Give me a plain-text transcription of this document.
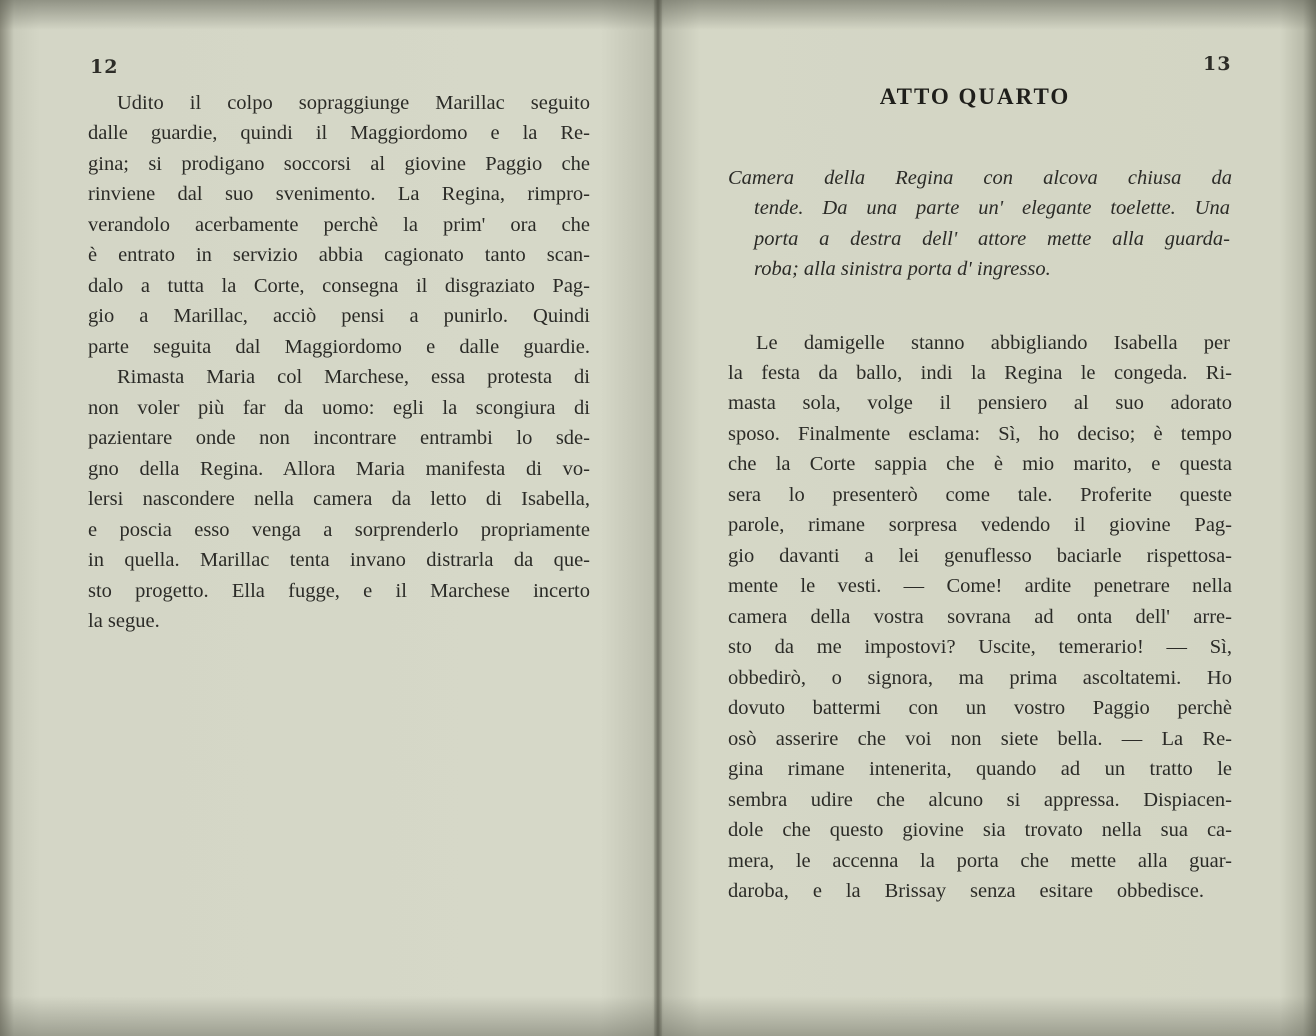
12
Udito il colpo sopraggiunge Marillac seguito
dalle guardie, quindi il Maggiordomo e la Re-
gina; si prodigano soccorsi al giovine Paggio che
rinviene dal suo svenimento. La Regina, rimpro-
verandolo acerbamente perchè la prim' ora che
è entrato in servizio abbia cagionato tanto scan-
dalo a tutta la Corte, consegna il disgraziato Pag-
gio a Marillac, acciò pensi a punirlo. Quindi
parte seguita dal Maggiordomo e dalle guardie.
Rimasta Maria col Marchese, essa protesta di
non voler più far da uomo: egli la scongiura di
pazientare onde non incontrare entrambi lo sde-
gno della Regina. Allora Maria manifesta di vo-
lersi nascondere nella camera da letto di Isabella,
e poscia esso venga a sorprenderlo propriamente
in quella. Marillac tenta invano distrarla da que-
sto progetto. Ella fugge, e il Marchese incerto
la segue.
13
ATTO QUARTO
Camera della Regina con alcova chiusa da
tende. Da una parte un' elegante toelette. Una
porta a destra dell' attore mette alla guarda-
roba; alla sinistra porta d' ingresso.
Le damigelle stanno abbigliando Isabella per
la festa da ballo, indi la Regina le congeda. Ri-
masta sola, volge il pensiero al suo adorato
sposo. Finalmente esclama: Sì, ho deciso; è tempo
che la Corte sappia che è mio marito, e questa
sera lo presenterò come tale. Proferite queste
parole, rimane sorpresa vedendo il giovine Pag-
gio davanti a lei genuflesso baciarle rispettosa-
mente le vesti. — Come! ardite penetrare nella
camera della vostra sovrana ad onta dell' arre-
sto da me impostovi? Uscite, temerario! — Sì,
obbedirò, o signora, ma prima ascoltatemi. Ho
dovuto battermi con un vostro Paggio perchè
osò asserire che voi non siete bella. — La Re-
gina rimane intenerita, quando ad un tratto le
sembra udire che alcuno si appressa. Dispiacen-
dole che questo giovine sia trovato nella sua ca-
mera, le accenna la porta che mette alla guar-
daroba, e la Brissay senza esitare obbedisce.
